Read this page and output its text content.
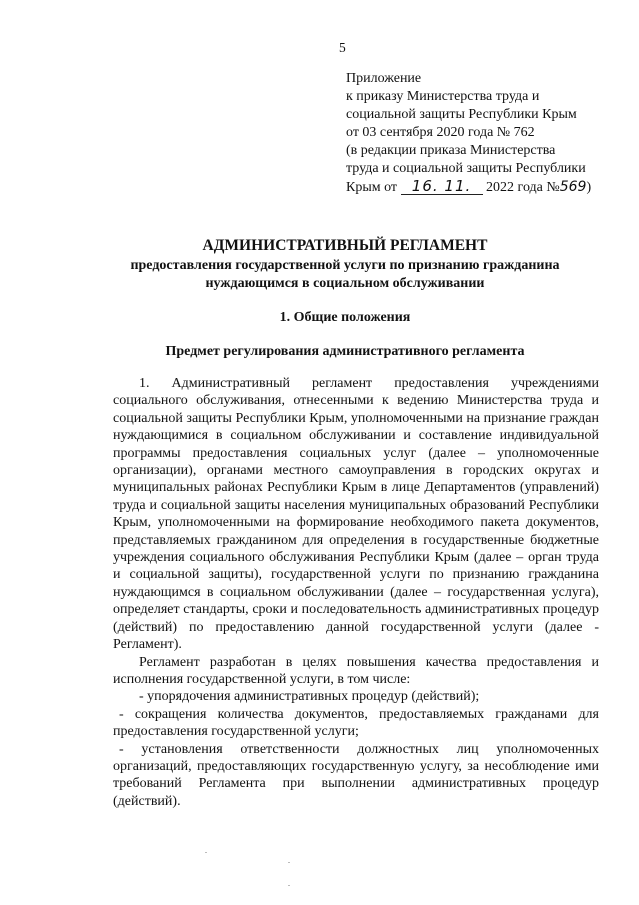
5
Приложение
к приказу Министерства труда и
социальной защиты Республики Крым
от 03 сентября 2020 года № 762
(в редакции приказа Министерства
труда и социальной защиты Республики
Крым от 16. 11. 2022 года №569)
АДМИНИСТРАТИВНЫЙ РЕГЛАМЕНТ
предоставления государственной услуги по признанию гражданина
нуждающимся в социальном обслуживании
1. Общие положения
Предмет регулирования административного регламента

1. Административный регламент предоставления учреждениями социального обслуживания, отнесенными к ведению Министерства труда и социальной защиты Республики Крым, уполномоченными на признание граждан нуждающимися в социальном обслуживании и составление индивидуальной программы предоставления социальных услуг (далее – уполномоченные организации), органами местного самоуправления в городских округах и муниципальных районах Республики Крым в лице Департаментов (управлений) труда и социальной защиты населения муниципальных образований Республики Крым, уполномоченными на формирование необходимого пакета документов, представляемых гражданином для определения в государственные бюджетные учреждения социального обслуживания Республики Крым (далее – орган труда и социальной защиты), государственной услуги по признанию гражданина нуждающимся в социальном обслуживании (далее – государственная услуга), определяет стандарты, сроки и последовательность административных процедур (действий) по предоставлению данной государственной услуги (далее - Регламент).

Регламент разработан в целях повышения качества предоставления и исполнения государственной услуги, в том числе:

- упорядочения административных процедур (действий);

- сокращения количества документов, предоставляемых гражданами для предоставления государственной услуги;

- установления ответственности должностных лиц уполномоченных организаций, предоставляющих государственную услугу, за несоблюдение ими требований Регламента при выполнении административных процедур (действий).
